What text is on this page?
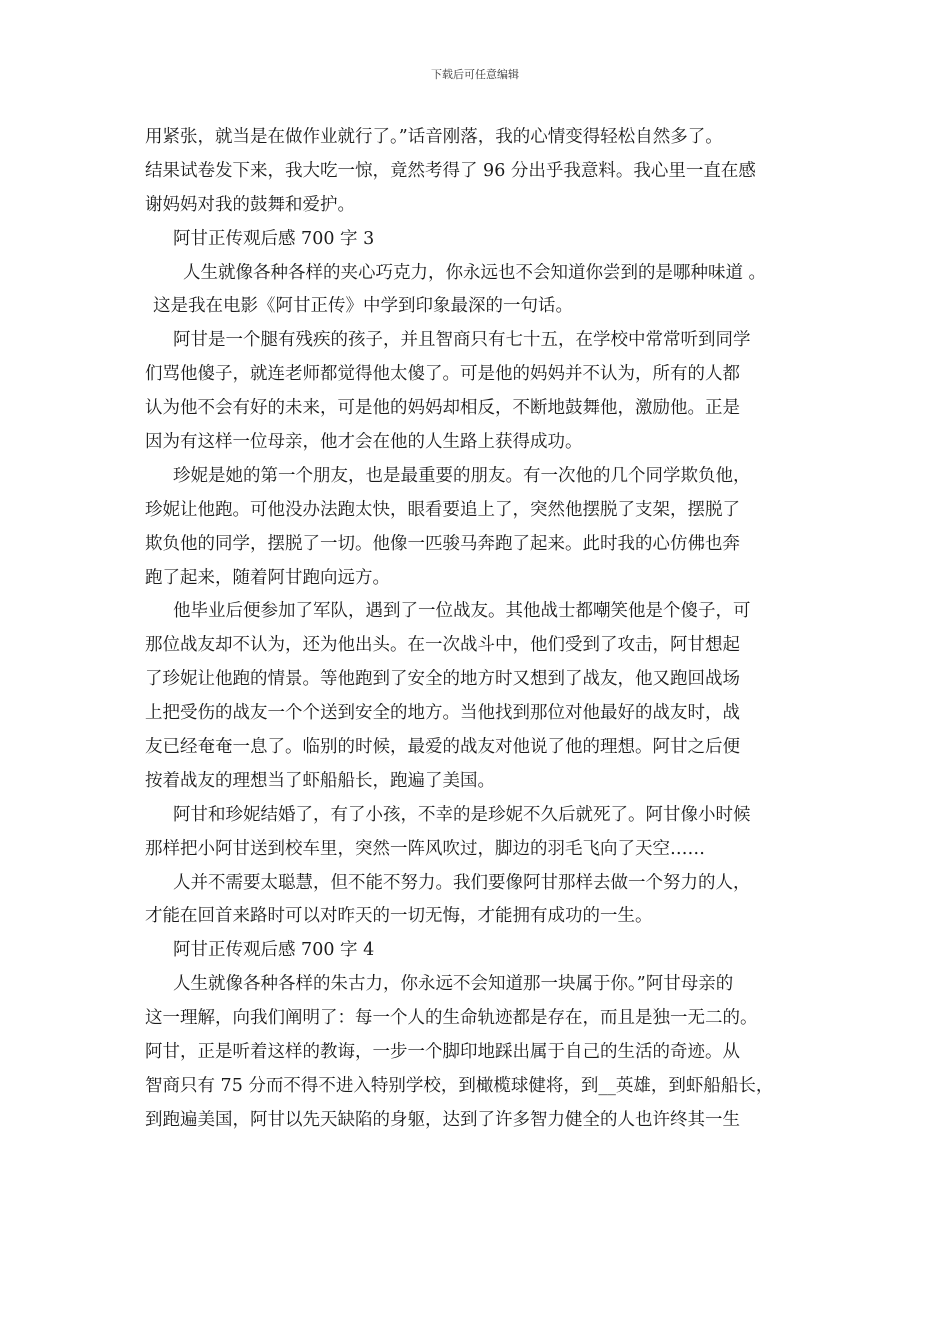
下载后可任意编辑
用紧张，就当是在做作业就行了。”话音刚落，我的心情变得轻松自然多了。
结果试卷发下来，我大吃一惊，竟然考得了 96 分出乎我意料。我心里一直在感
谢妈妈对我的鼓舞和爱护。
阿甘正传观后感 700 字 3
人生就像各种各样的夹心巧克力，你永远也不会知道你尝到的是哪种味道 。
这是我在电影《阿甘正传》中学到印象最深的一句话。
阿甘是一个腿有残疾的孩子，并且智商只有七十五，在学校中常常听到同学
们骂他傻子，就连老师都觉得他太傻了。可是他的妈妈并不认为，所有的人都
认为他不会有好的未来，可是他的妈妈却相反，不断地鼓舞他，激励他。正是
因为有这样一位母亲，他才会在他的人生路上获得成功。
珍妮是她的第一个朋友，也是最重要的朋友。有一次他的几个同学欺负他，
珍妮让他跑。可他没办法跑太快，眼看要追上了，突然他摆脱了支架，摆脱了
欺负他的同学，摆脱了一切。他像一匹骏马奔跑了起来。此时我的心仿佛也奔
跑了起来，随着阿甘跑向远方。
他毕业后便参加了军队，遇到了一位战友。其他战士都嘲笑他是个傻子，可
那位战友却不认为，还为他出头。在一次战斗中，他们受到了攻击，阿甘想起
了珍妮让他跑的情景。等他跑到了安全的地方时又想到了战友，他又跑回战场
上把受伤的战友一个个送到安全的地方。当他找到那位对他最好的战友时，战
友已经奄奄一息了。临别的时候，最爱的战友对他说了他的理想。阿甘之后便
按着战友的理想当了虾船船长，跑遍了美国。
阿甘和珍妮结婚了，有了小孩，不幸的是珍妮不久后就死了。阿甘像小时候
那样把小阿甘送到校车里，突然一阵风吹过，脚边的羽毛飞向了天空……
人并不需要太聪慧，但不能不努力。我们要像阿甘那样去做一个努力的人，
才能在回首来路时可以对昨天的一切无悔，才能拥有成功的一生。
阿甘正传观后感 700 字 4
人生就像各种各样的朱古力，你永远不会知道那一块属于你。”阿甘母亲的
这一理解，向我们阐明了：每一个人的生命轨迹都是存在，而且是独一无二的。
阿甘，正是听着这样的教诲，一步一个脚印地踩出属于自己的生活的奇迹。从
智商只有 75 分而不得不进入特别学校，到橄榄球健将，到__英雄，到虾船船长，
到跑遍美国，阿甘以先天缺陷的身躯，达到了许多智力健全的人也许终其一生
